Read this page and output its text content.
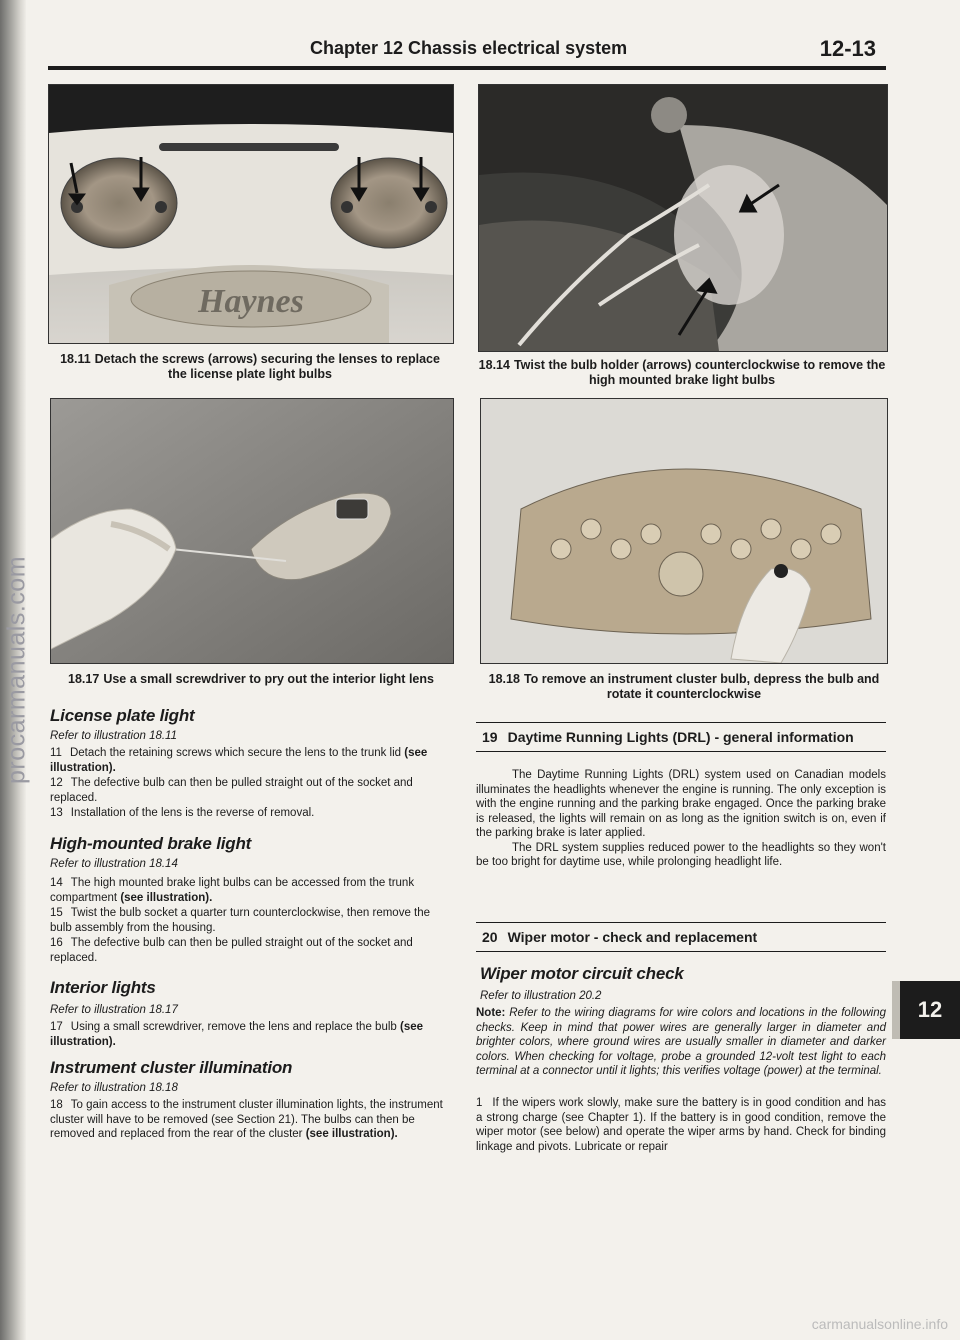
procarmanuals.com
Chapter 12 Chassis electrical system	12-13
Haynes
18.11 Detach the screws (arrows) securing the lenses to replace the license plate light bulbs
18.14 Twist the bulb holder (arrows) counterclockwise to remove the high mounted brake light bulbs
18.17 Use a small screwdriver to pry out the interior light lens	18.18 To remove an instrument cluster bulb, depress the bulb and rotate it counterclockwise
License plate light
Refer to illustration 18.11
11 Detach the retaining screws which secure the lens to the trunk lid (see illustration).
12 The defective bulb can then be pulled straight out of the socket and replaced.
13 Installation of the lens is the reverse of removal.
High-mounted brake light
Refer to illustration 18.14
14 The high mounted brake light bulbs can be accessed from the trunk compartment (see illustration).
15 Twist the bulb socket a quarter turn counterclockwise, then remove the bulb assembly from the housing.
16 The defective bulb can then be pulled straight out of the socket and replaced.
Interior lights
Refer to illustration 18.17
17 Using a small screwdriver, remove the lens and replace the bulb (see illustration).
Instrument cluster illumination
Refer to illustration 18.18
18 To gain access to the instrument cluster illumination lights, the instrument cluster will have to be removed (see Section 21). The bulbs can then be removed and replaced from the rear of the cluster (see illustration).
19 Daytime Running Lights (DRL) - general information

The Daytime Running Lights (DRL) system used on Canadian models illuminates the headlights whenever the engine is running. The only exception is with the engine running and the parking brake engaged. Once the parking brake is released, the lights will remain on as long as the ignition switch is on, even if the parking brake is later applied.

The DRL system supplies reduced power to the headlights so they won't be too bright for daytime use, while prolonging headlight life.

20 Wiper motor - check and replacement
Wiper motor circuit check
Refer to illustration 20.2
Note: Refer to the wiring diagrams for wire colors and locations in the following checks. Keep in mind that power wires are generally larger in diameter and brighter colors, where ground wires are usually smaller in diameter and darker colors. When checking for voltage, probe a grounded 12-volt test light to each terminal at a connector until it lights; this verifies voltage (power) at the terminal.
1 If the wipers work slowly, make sure the battery is in good condition and has a strong charge (see Chapter 1). If the battery is in good condition, remove the wiper motor (see below) and operate the wiper arms by hand. Check for binding linkage and pivots. Lubricate or repair
12
carmanualsonline.info
